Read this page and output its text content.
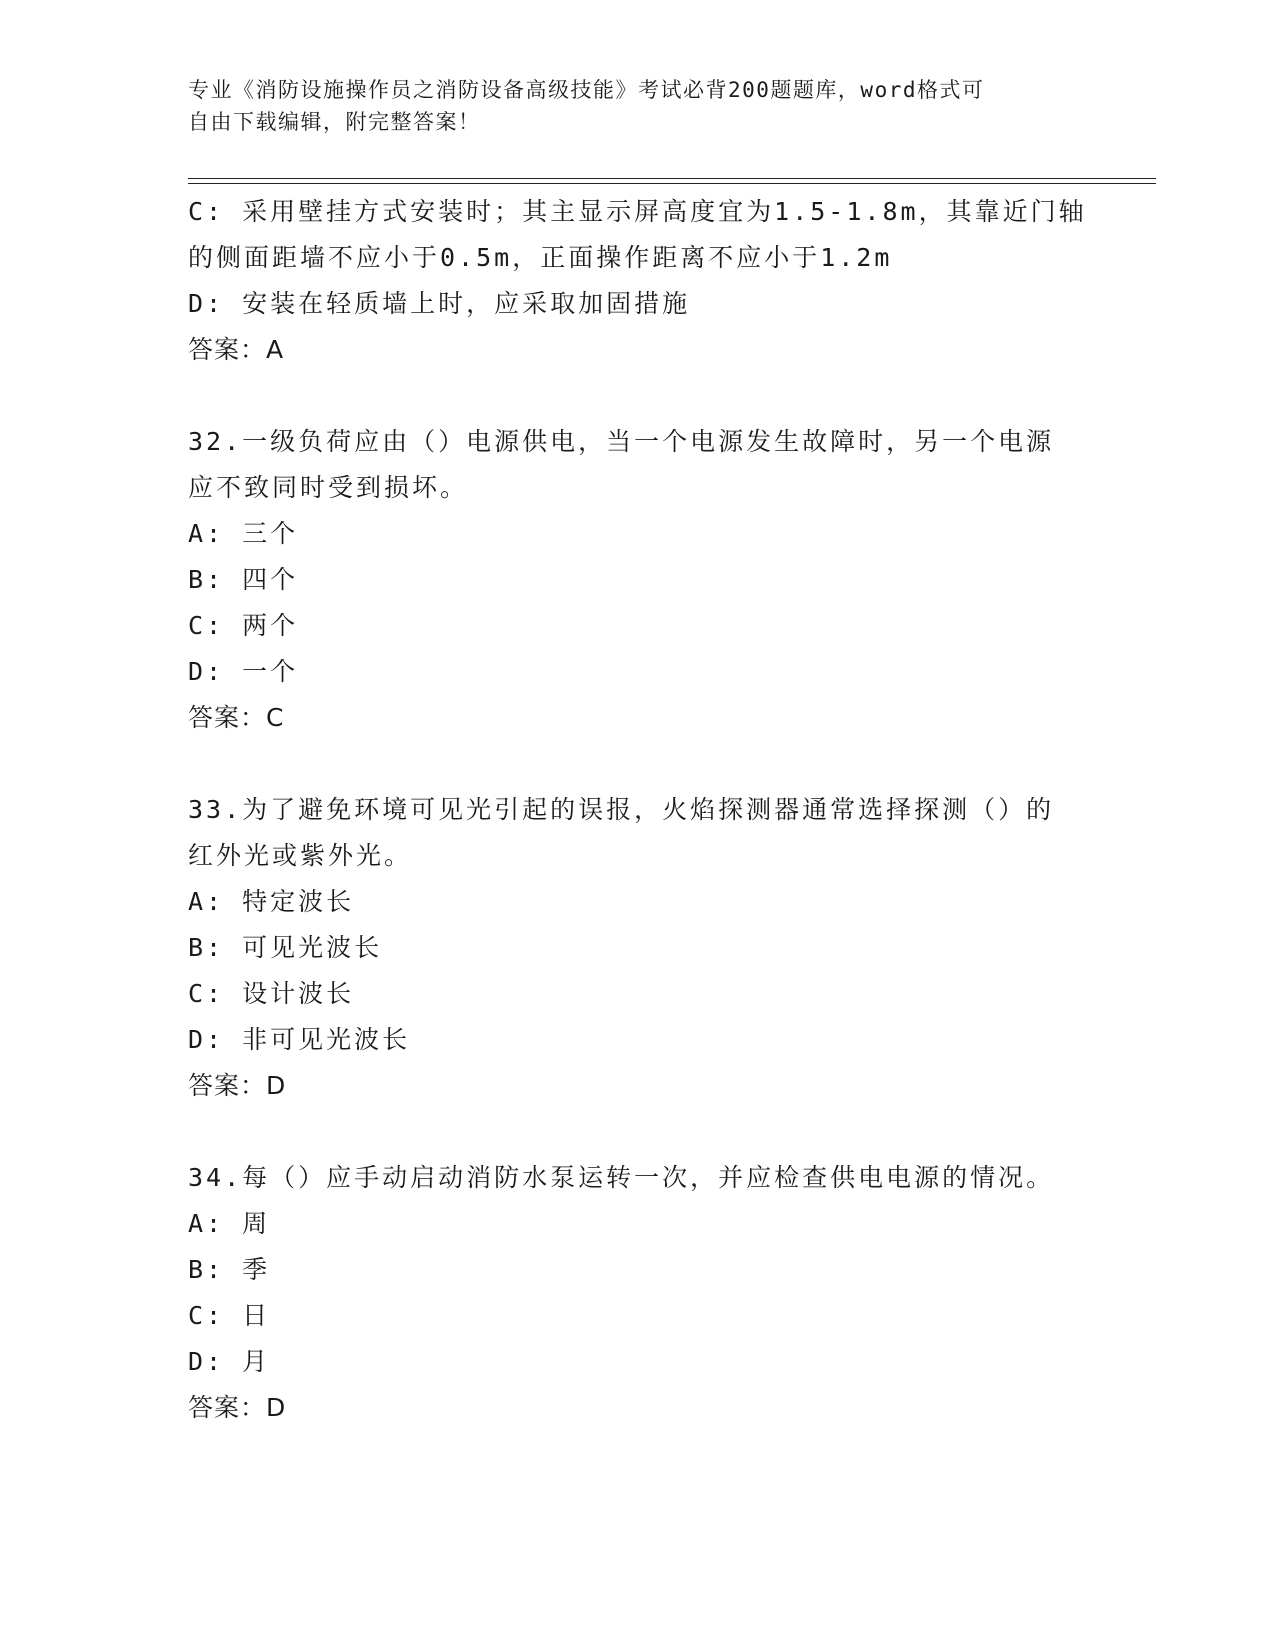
专业《消防设施操作员之消防设备高级技能》考试必背200题题库，word格式可
自由下载编辑，附完整答案！
C: 采用壁挂方式安装时；其主显示屏高度宜为1.5-1.8m，其靠近门轴
的侧面距墙不应小于0.5m，正面操作距离不应小于1.2m
D: 安装在轻质墙上时，应采取加固措施
答案：A
32.一级负荷应由（）电源供电，当一个电源发生故障时，另一个电源
应不致同时受到损坏。
A: 三个
B: 四个
C: 两个
D: 一个
答案：C
33.为了避免环境可见光引起的误报，火焰探测器通常选择探测（）的
红外光或紫外光。
A: 特定波长
B: 可见光波长
C: 设计波长
D: 非可见光波长
答案：D
34.每（）应手动启动消防水泵运转一次，并应检查供电电源的情况。
A: 周
B: 季
C: 日
D: 月
答案：D
